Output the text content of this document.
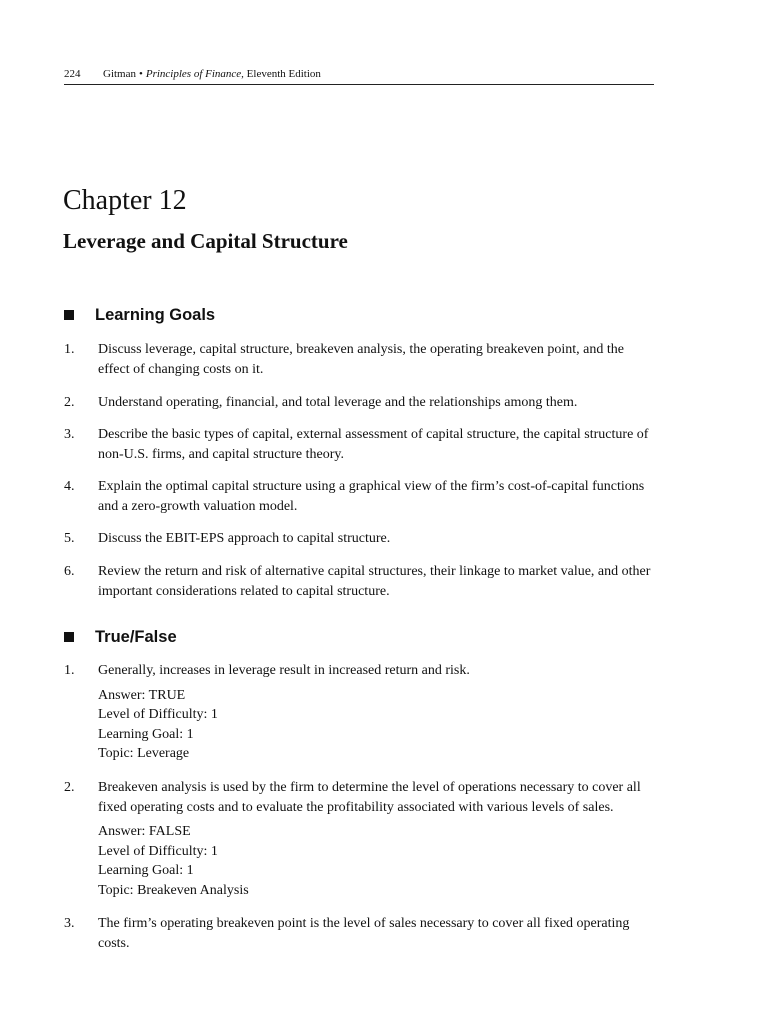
224 Gitman • Principles of Finance, Eleventh Edition
Chapter 12
Leverage and Capital Structure
Learning Goals
1.	Discuss leverage, capital structure, breakeven analysis, the operating breakeven point, and the effect of changing costs on it.
2.	Understand operating, financial, and total leverage and the relationships among them.
3.	Describe the basic types of capital, external assessment of capital structure, the capital structure of non-U.S. firms, and capital structure theory.
4.	Explain the optimal capital structure using a graphical view of the firm’s cost-of-capital functions and a zero-growth valuation model.
5.	Discuss the EBIT-EPS approach to capital structure.
6.	Review the return and risk of alternative capital structures, their linkage to market value, and other important considerations related to capital structure.
True/False
1.	Generally, increases in leverage result in increased return and risk.
Answer: TRUE
Level of Difficulty: 1
Learning Goal: 1
Topic: Leverage
2.	Breakeven analysis is used by the firm to determine the level of operations necessary to cover all fixed operating costs and to evaluate the profitability associated with various levels of sales.
Answer: FALSE
Level of Difficulty: 1
Learning Goal: 1
Topic: Breakeven Analysis
3.	The firm’s operating breakeven point is the level of sales necessary to cover all fixed operating costs.
